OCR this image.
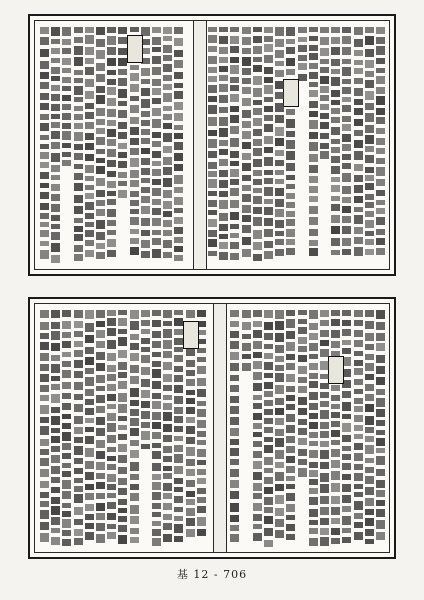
基 12 - 706
